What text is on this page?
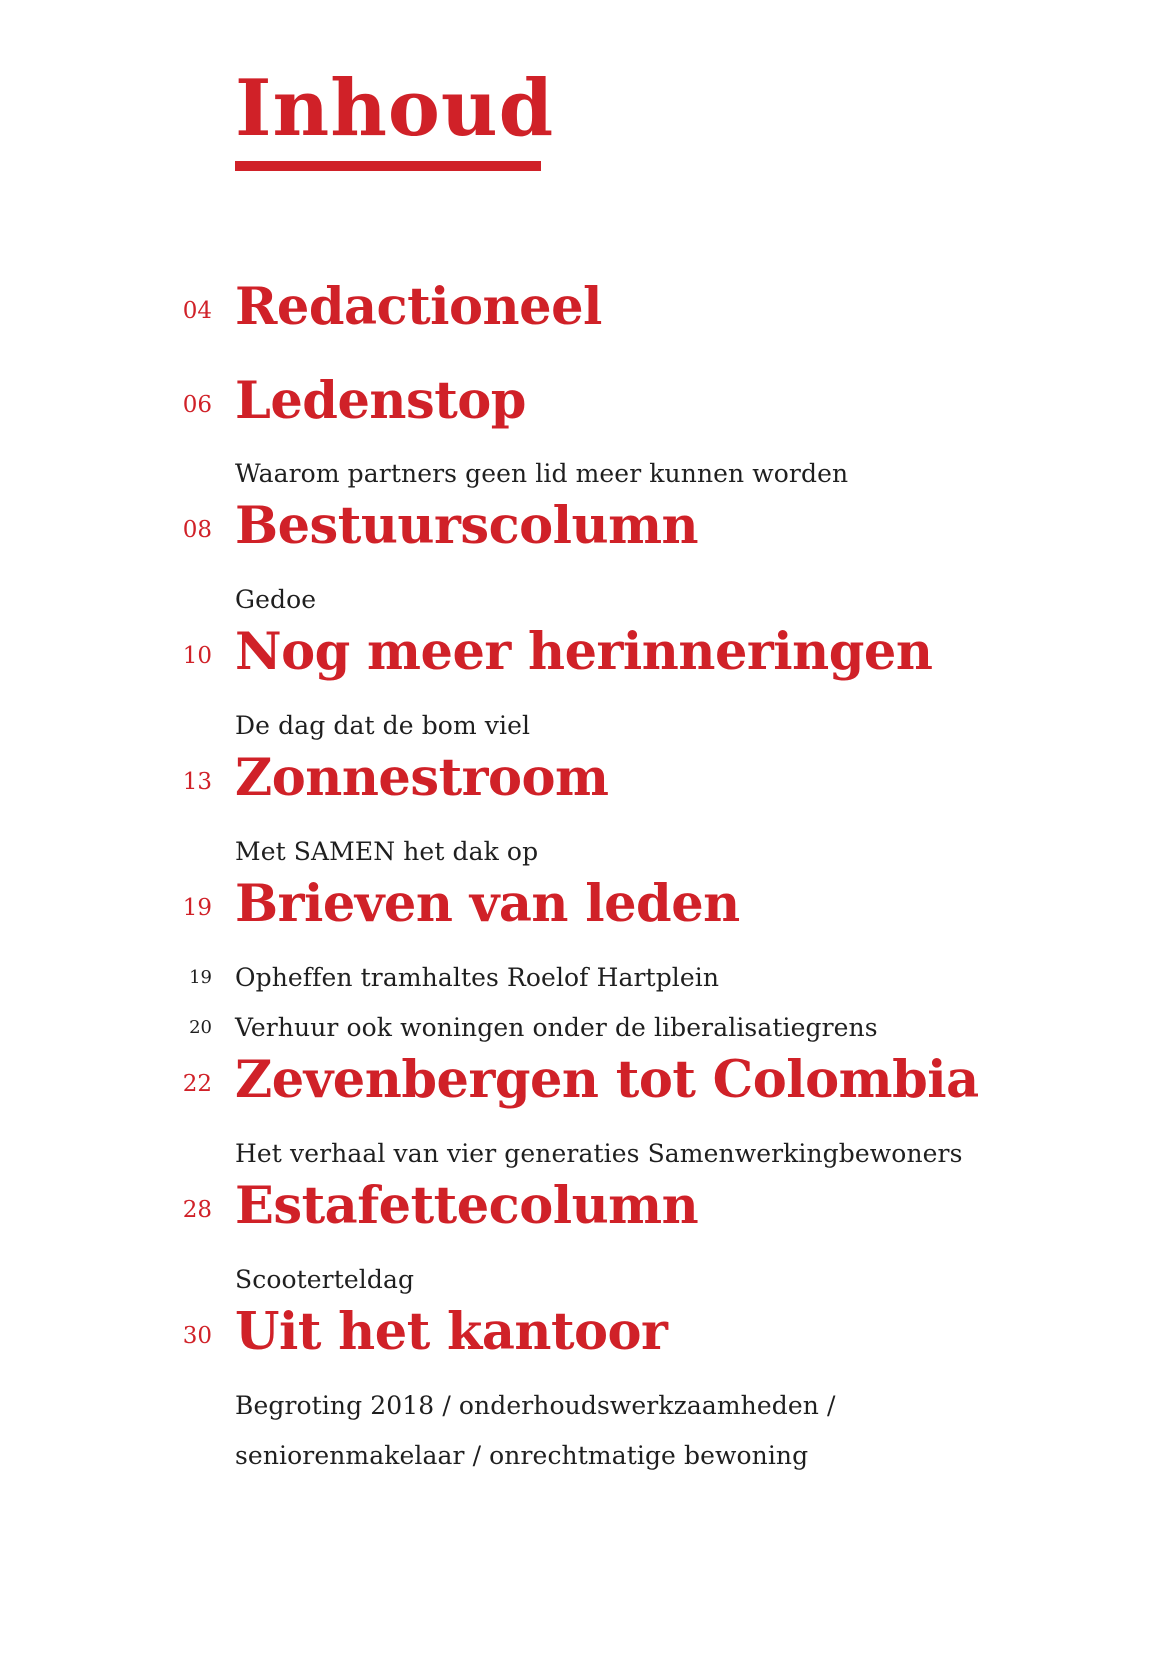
Inhoud
04 Redactioneel
06 Ledenstop

Waarom partners geen lid meer kunnen worden

08 Bestuurscolumn

Gedoe

10 Nog meer herinneringen

De dag dat de bom viel

13 Zonnestroom

Met SAMEN het dak op

19 Brieven van leden
19 Opheffen tramhaltes Roelof Hartplein

20 Verhuur ook woningen onder de liberalisatiegrens

22 Zevenbergen tot Colombia

Het verhaal van vier generaties Samenwerkingbewoners

28 Estafettecolumn

Scooterteldag

30 Uit het kantoor

Begroting 2018 / onderhoudswerkzaamheden /

seniorenmakelaar / onrechtmatige bewoning
